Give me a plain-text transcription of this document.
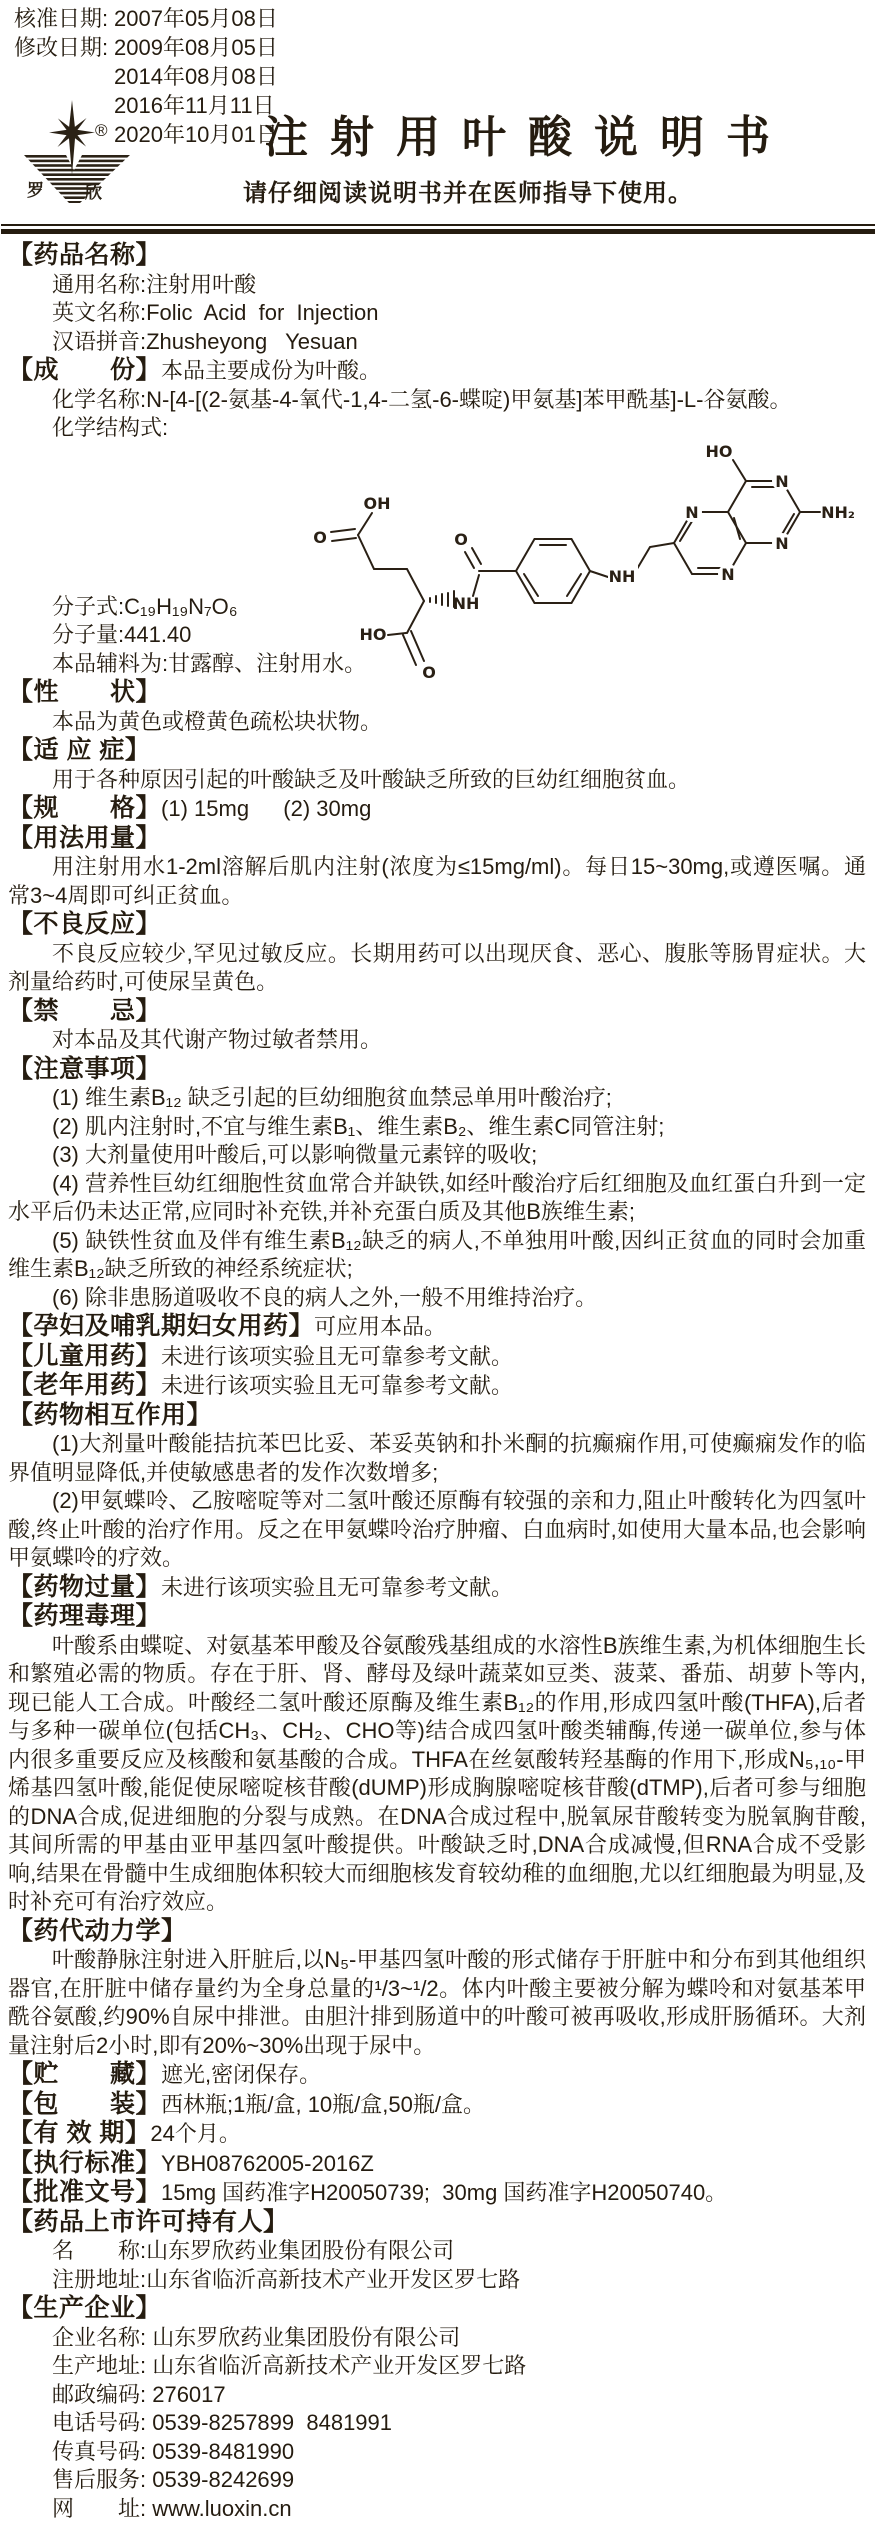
核准日期: 2007年05月08日
修改日期: 2009年08月05日
2014年08月08日
2016年11月11日
2020年10月01日
罗 欣
®	注射用叶酸说明书
请仔细阅读说明书并在医师指导下使用。

【药品名称】

通用名称:注射用叶酸

英文名称:Folic  Acid  for  Injection

汉语拼音:Zhusheyong   Yesuan

【成　　份】本品主要成份为叶酸。

化学名称:N-[4-[(2-氨基-4-氧代-1,4-二氢-6-蝶啶)甲氨基]苯甲酰基]-L-谷氨酸。

化学结构式:

OH
O
HO
O
O
NH
NH
N
N
HO
N
N
NH₂

分子式:C₁₉H₁₉N₇O₆

分子量:441.40

本品辅料为:甘露醇、注射用水。

【性　　状】

本品为黄色或橙黄色疏松块状物。

【适 应 症】

用于各种原因引起的叶酸缺乏及叶酸缺乏所致的巨幼红细胞贫血。

【规　　格】(1) 15mg　  (2) 30mg

【用法用量】

用注射用水1-2ml溶解后肌内注射(浓度为≤15mg/ml)。每日15~30mg,或遵医嘱。通常3~4周即可纠正贫血。

【不良反应】

不良反应较少,罕见过敏反应。长期用药可以出现厌食、恶心、腹胀等肠胃症状。大剂量给药时,可使尿呈黄色。

【禁　　忌】

对本品及其代谢产物过敏者禁用。

【注意事项】

(1) 维生素B₁₂ 缺乏引起的巨幼细胞贫血禁忌单用叶酸治疗;

(2) 肌内注射时,不宜与维生素B₁、维生素B₂、维生素C同管注射;

(3) 大剂量使用叶酸后,可以影响微量元素锌的吸收;

(4) 营养性巨幼红细胞性贫血常合并缺铁,如经叶酸治疗后红细胞及血红蛋白升到一定水平后仍未达正常,应同时补充铁,并补充蛋白质及其他B族维生素;

(5) 缺铁性贫血及伴有维生素B₁₂缺乏的病人,不单独用叶酸,因纠正贫血的同时会加重维生素B₁₂缺乏所致的神经系统症状;

(6) 除非患肠道吸收不良的病人之外,一般不用维持治疗。

【孕妇及哺乳期妇女用药】可应用本品。

【儿童用药】未进行该项实验且无可靠参考文献。

【老年用药】未进行该项实验且无可靠参考文献。

【药物相互作用】

(1)大剂量叶酸能拮抗苯巴比妥、苯妥英钠和扑米酮的抗癫痫作用,可使癫痫发作的临界值明显降低,并使敏感患者的发作次数增多;

(2)甲氨蝶呤、乙胺嘧啶等对二氢叶酸还原酶有较强的亲和力,阻止叶酸转化为四氢叶酸,终止叶酸的治疗作用。反之在甲氨蝶呤治疗肿瘤、白血病时,如使用大量本品,也会影响甲氨蝶呤的疗效。

【药物过量】未进行该项实验且无可靠参考文献。

【药理毒理】

叶酸系由蝶啶、对氨基苯甲酸及谷氨酸残基组成的水溶性B族维生素,为机体细胞生长和繁殖必需的物质。存在于肝、肾、酵母及绿叶蔬菜如豆类、菠菜、番茄、胡萝卜等内,现已能人工合成。叶酸经二氢叶酸还原酶及维生素B₁₂的作用,形成四氢叶酸(THFA),后者与多种一碳单位(包括CH₃、CH₂、CHO等)结合成四氢叶酸类辅酶,传递一碳单位,参与体内很多重要反应及核酸和氨基酸的合成。THFA在丝氨酸转羟基酶的作用下,形成N₅,₁₀-甲烯基四氢叶酸,能促使尿嘧啶核苷酸(dUMP)形成胸腺嘧啶核苷酸(dTMP),后者可参与细胞的DNA合成,促进细胞的分裂与成熟。在DNA合成过程中,脱氧尿苷酸转变为脱氧胸苷酸,其间所需的甲基由亚甲基四氢叶酸提供。叶酸缺乏时,DNA合成减慢,但RNA合成不受影响,结果在骨髓中生成细胞体积较大而细胞核发育较幼稚的血细胞,尤以红细胞最为明显,及时补充可有治疗效应。

【药代动力学】

叶酸静脉注射进入肝脏后,以N₅-甲基四氢叶酸的形式储存于肝脏中和分布到其他组织器官,在肝脏中储存量约为全身总量的¹/3~¹/2。体内叶酸主要被分解为蝶呤和对氨基苯甲酰谷氨酸,约90%自尿中排泄。由胆汁排到肠道中的叶酸可被再吸收,形成肝肠循环。大剂量注射后2小时,即有20%~30%出现于尿中。

【贮　　藏】遮光,密闭保存。

【包　　装】西林瓶;1瓶/盒, 10瓶/盒,50瓶/盒。

【有 效 期】24个月。

【执行标准】YBH08762005-2016Z

【批准文号】15mg 国药准字H20050739;  30mg 国药准字H20050740。

【药品上市许可持有人】

名　　称:山东罗欣药业集团股份有限公司

注册地址:山东省临沂高新技术产业开发区罗七路

【生产企业】

企业名称: 山东罗欣药业集团股份有限公司

生产地址: 山东省临沂高新技术产业开发区罗七路

邮政编码: 276017

电话号码: 0539-8257899  8481991

传真号码: 0539-8481990

售后服务: 0539-8242699

网　　址: www.luoxin.cn
